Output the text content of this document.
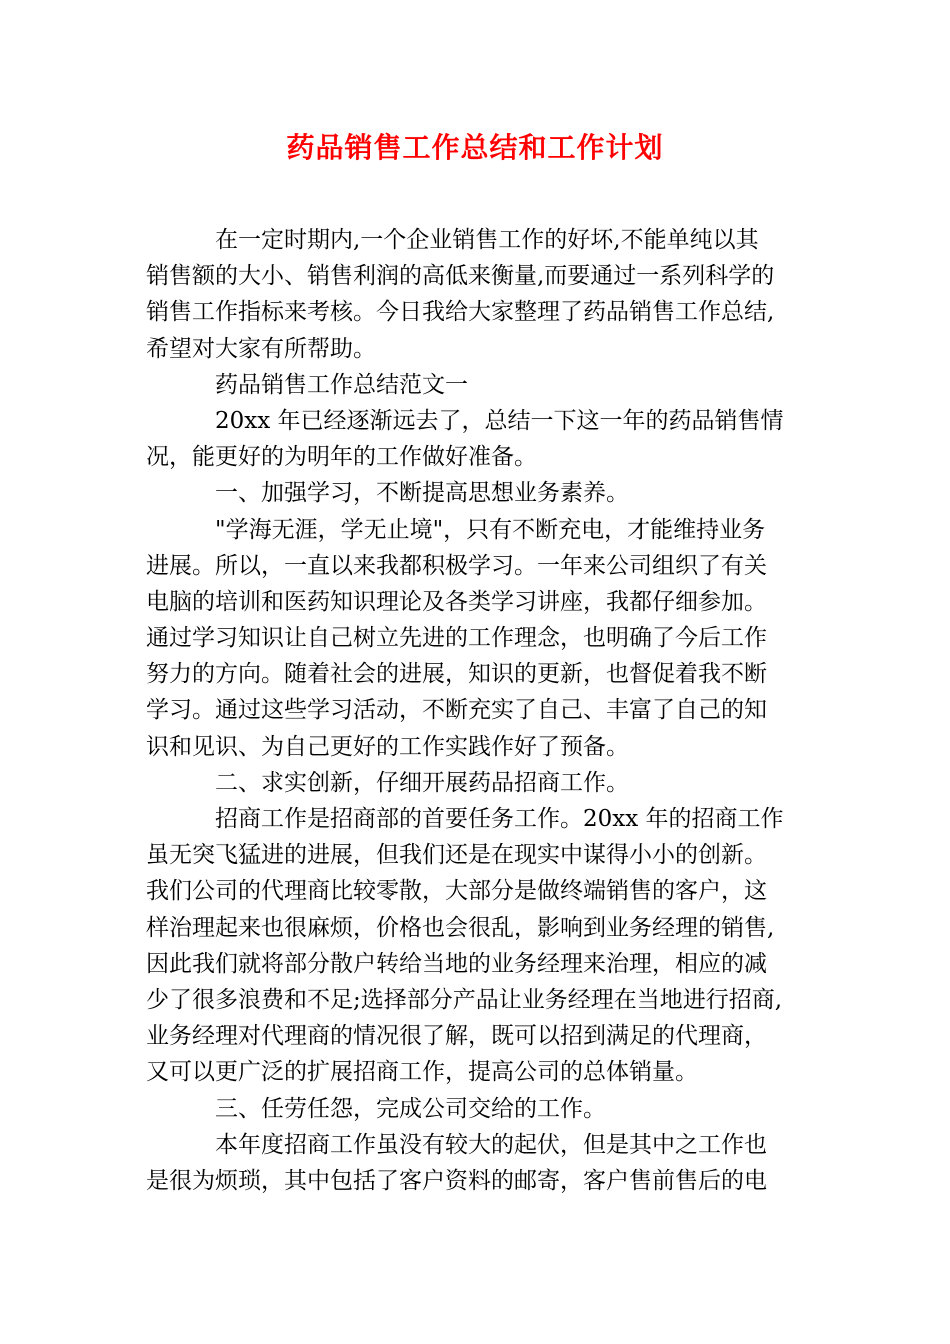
药品销售工作总结和工作计划
在一定时期内,一个企业销售工作的好坏,不能单纯以其
销售额的大小、销售利润的高低来衡量,而要通过一系列科学的
销售工作指标来考核。今日我给大家整理了药品销售工作总结,
希望对大家有所帮助。
药品销售工作总结范文一
20xx 年已经逐渐远去了，总结一下这一年的药品销售情
况，能更好的为明年的工作做好准备。
一、加强学习，不断提高思想业务素养。
"学海无涯，学无止境"，只有不断充电，才能维持业务
进展。所以，一直以来我都积极学习。一年来公司组织了有关
电脑的培训和医药知识理论及各类学习讲座，我都仔细参加。
通过学习知识让自己树立先进的工作理念，也明确了今后工作
努力的方向。随着社会的进展，知识的更新，也督促着我不断
学习。通过这些学习活动，不断充实了自己、丰富了自己的知
识和见识、为自己更好的工作实践作好了预备。
二、求实创新，仔细开展药品招商工作。
招商工作是招商部的首要任务工作。20xx 年的招商工作
虽无突飞猛进的进展，但我们还是在现实中谋得小小的创新。
我们公司的代理商比较零散，大部分是做终端销售的客户，这
样治理起来也很麻烦，价格也会很乱，影响到业务经理的销售,
因此我们就将部分散户转给当地的业务经理来治理，相应的减
少了很多浪费和不足;选择部分产品让业务经理在当地进行招商,
业务经理对代理商的情况很了解，既可以招到满足的代理商，
又可以更广泛的扩展招商工作，提高公司的总体销量。
三、任劳任怨，完成公司交给的工作。
本年度招商工作虽没有较大的起伏，但是其中之工作也
是很为烦琐，其中包括了客户资料的邮寄，客户售前售后的电
